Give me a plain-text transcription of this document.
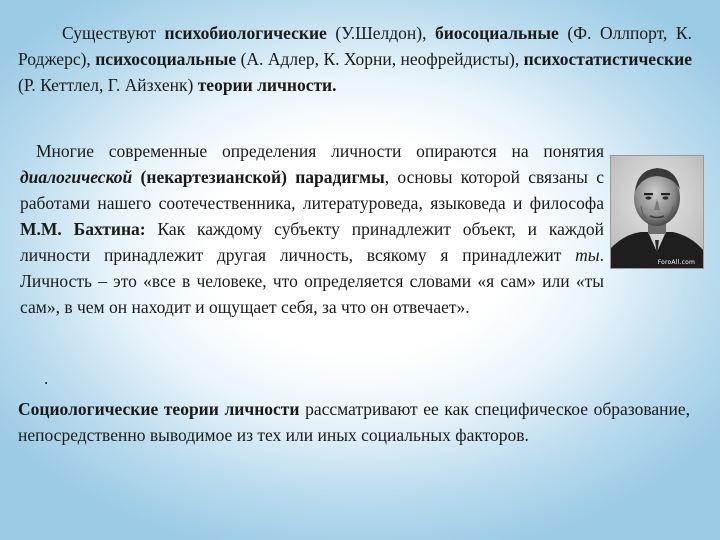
Существуют психобиологические (У.Шелдон), биосоциальные (Ф. Оллпорт, К. Роджерс), психосоциальные (А. Адлер, К. Хорни, неофрейдисты), психостатистические (Р. Кеттлел, Г. Айзхенк) теории личности.

Многие современные определения личности опираются на понятия диалогической (некартезианской) парадигмы, основы которой связаны с работами нашего соотечественника, литературоведа, языковеда и философа М.М. Бахтина: Как каждому субъекту принадлежит объект, и каждой личности принадлежит другая личность, всякому я принадлежит ты. Личность – это «все в человеке, что определяется словами «я сам» или «ты сам», в чем он находит и ощущает себя, за что он отвечает».

.

Социологические теории личности рассматривают ее как специфическое образование, непосредственно выводимое из тех или иных социальных факторов.

ForoAll.com
